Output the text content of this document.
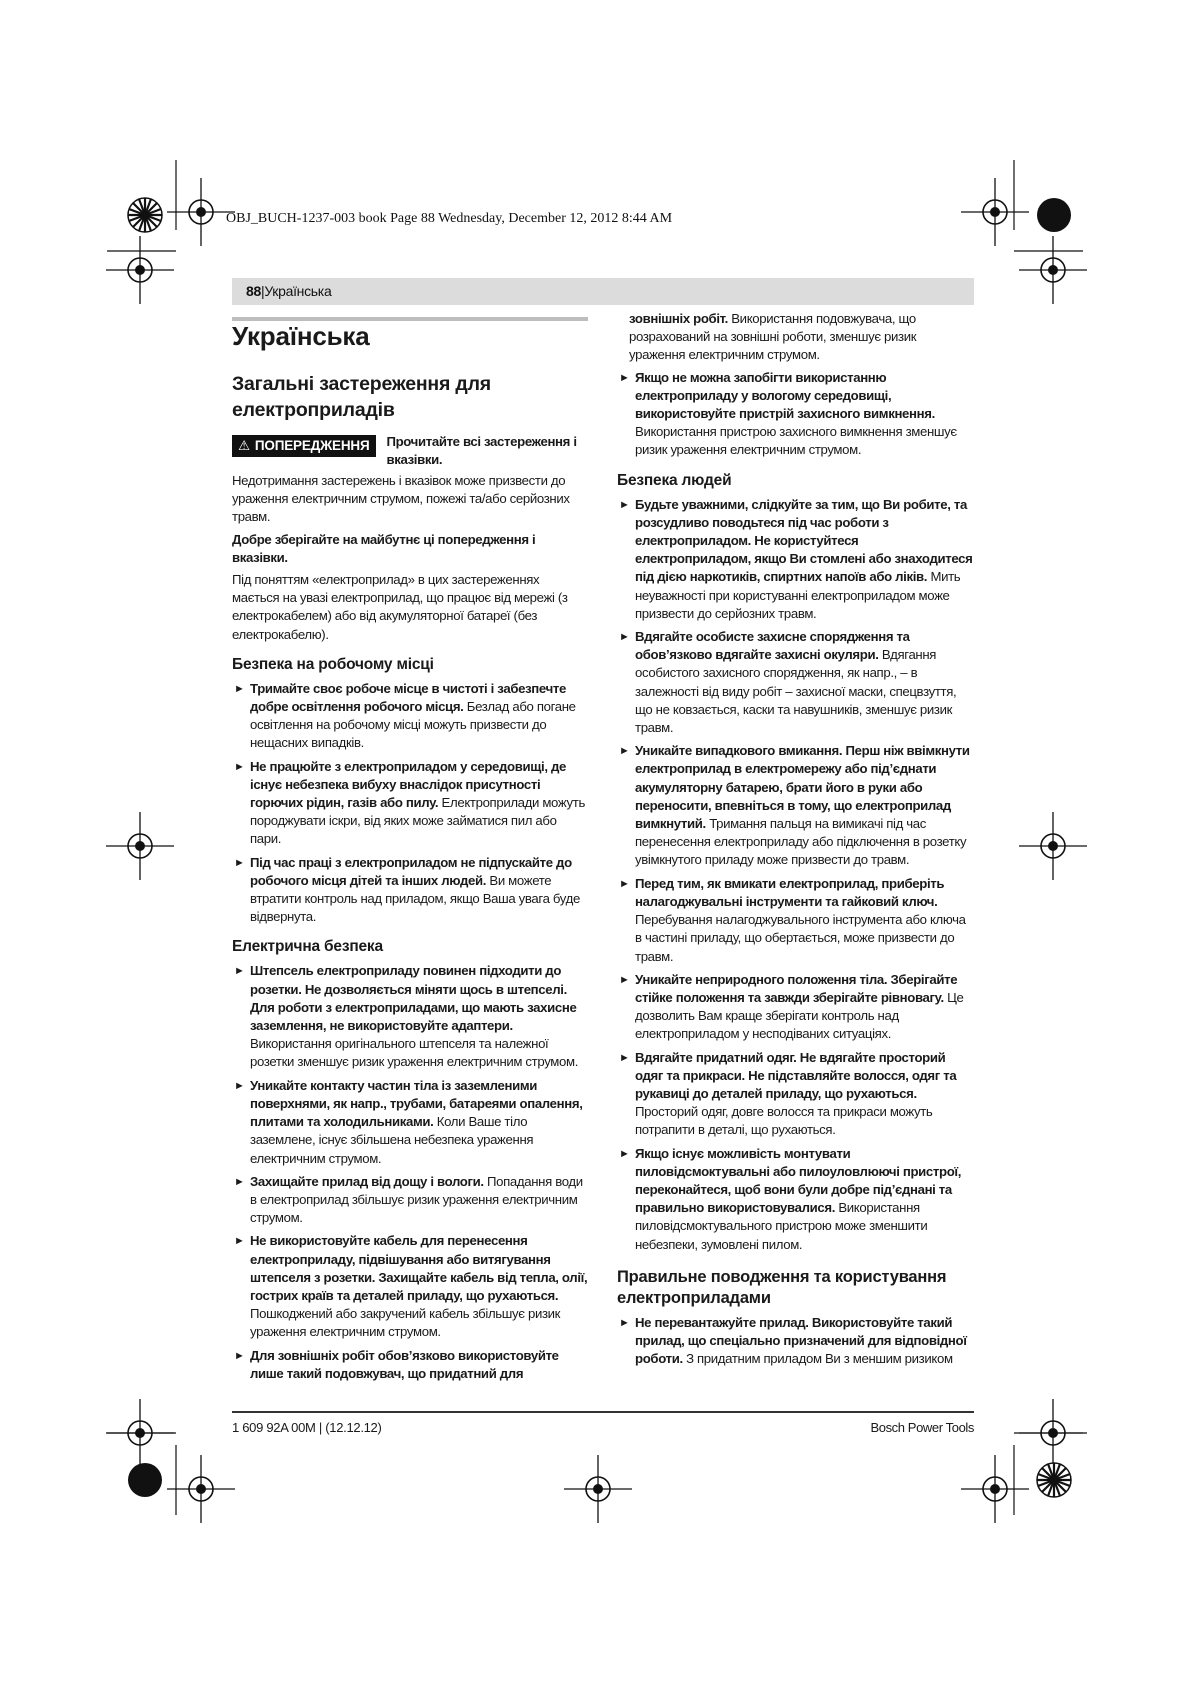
OBJ_BUCH-1237-003 book Page 88 Wednesday, December 12, 2012 8:44 AM
88|Українська
Українська
Загальні застереження для електроприладів
⚠ ПОПЕРЕДЖЕННЯ	Прочитайте всі застереження і вказівки.

Недотримання застережень і вказівок може призвести до ураження електричним струмом, пожежі та/або серйозних травм.

Добре зберігайте на майбутнє ці попередження і вказівки.

Під поняттям «електроприлад» в цих застереженнях мається на увазі електроприлад, що працює від мережі (з електрокабелем) або від акумуляторної батареї (без електрокабелю).

Безпека на робочому місці
► Тримайте своє робоче місце в чистоті і забезпечте добре освітлення робочого місця. Безлад або погане освітлення на робочому місці можуть призвести до нещасних випадків.
► Не працюйте з електроприладом у середовищі, де існує небезпека вибуху внаслідок присутності горючих рідин, газів або пилу. Електроприлади можуть породжувати іскри, від яких може займатися пил або пари.
► Під час праці з електроприладом не підпускайте до робочого місця дітей та інших людей. Ви можете втратити контроль над приладом, якщо Ваша увага буде відвернута.
Електрична безпека
► Штепсель електроприладу повинен підходити до розетки. Не дозволяється міняти щось в штепселі. Для роботи з електроприладами, що мають захисне заземлення, не використовуйте адаптери. Використання оригінального штепселя та належної розетки зменшує ризик ураження електричним струмом.
► Уникайте контакту частин тіла із заземленими поверхнями, як напр., трубами, батареями опалення, плитами та холодильниками. Коли Ваше тіло заземлене, існує збільшена небезпека ураження електричним струмом.
► Захищайте прилад від дощу і вологи. Попадання води в електроприлад збільшує ризик ураження електричним струмом.
► Не використовуйте кабель для перенесення електроприладу, підвішування або витягування штепселя з розетки. Захищайте кабель від тепла, олії, гострих країв та деталей приладу, що рухаються. Пошкоджений або закручений кабель збільшує ризик ураження електричним струмом.
► Для зовнішніх робіт обов’язково використовуйте лише такий подовжувач, що придатний для

зовнішніх робіт. Використання подовжувача, що розрахований на зовнішні роботи, зменшує ризик ураження електричним струмом.

► Якщо не можна запобігти використанню електроприладу у вологому середовищі, використовуйте пристрій захисного вимкнення. Використання пристрою захисного вимкнення зменшує ризик ураження електричним струмом.
Безпека людей
► Будьте уважними, слідкуйте за тим, що Ви робите, та розсудливо поводьтеся під час роботи з електроприладом. Не користуйтеся електроприладом, якщо Ви стомлені або знаходитеся під дією наркотиків, спиртних напоїв або ліків. Мить неуважності при користуванні електроприладом може призвести до серйозних травм.
► Вдягайте особисте захисне спорядження та обов’язково вдягайте захисні окуляри. Вдягання особистого захисного спорядження, як напр., – в залежності від виду робіт – захисної маски, спецвзуття, що не ковзається, каски та навушників, зменшує ризик травм.
► Уникайте випадкового вмикання. Перш ніж ввімкнути електроприлад в електромережу або під’єднати акумуляторну батарею, брати його в руки або переносити, впевніться в тому, що електроприлад вимкнутий. Тримання пальця на вимикачі під час перенесення електроприладу або підключення в розетку увімкнутого приладу може призвести до травм.
► Перед тим, як вмикати електроприлад, приберіть налагоджувальні інструменти та гайковий ключ. Перебування налагоджувального інструмента або ключа в частині приладу, що обертається, може призвести до травм.
► Уникайте неприродного положення тіла. Зберігайте стійке положення та завжди зберігайте рівновагу. Це дозволить Вам краще зберігати контроль над електроприладом у несподіваних ситуаціях.
► Вдягайте придатний одяг. Не вдягайте просторий одяг та прикраси. Не підставляйте волосся, одяг та рукавиці до деталей приладу, що рухаються. Просторий одяг, довге волосся та прикраси можуть потрапити в деталі, що рухаються.
► Якщо існує можливість монтувати пиловідсмоктувальні або пилоуловлюючі пристрої, переконайтеся, щоб вони були добре під’єднані та правильно використовувалися. Використання пиловідсмоктувального пристрою може зменшити небезпеки, зумовлені пилом.
Правильне поводження та користування електроприладами
► Не перевантажуйте прилад. Використовуйте такий прилад, що спеціально призначений для відповідної роботи. З придатним приладом Ви з меншим ризиком
1 609 92A 00M | (12.12.12)	Bosch Power Tools
